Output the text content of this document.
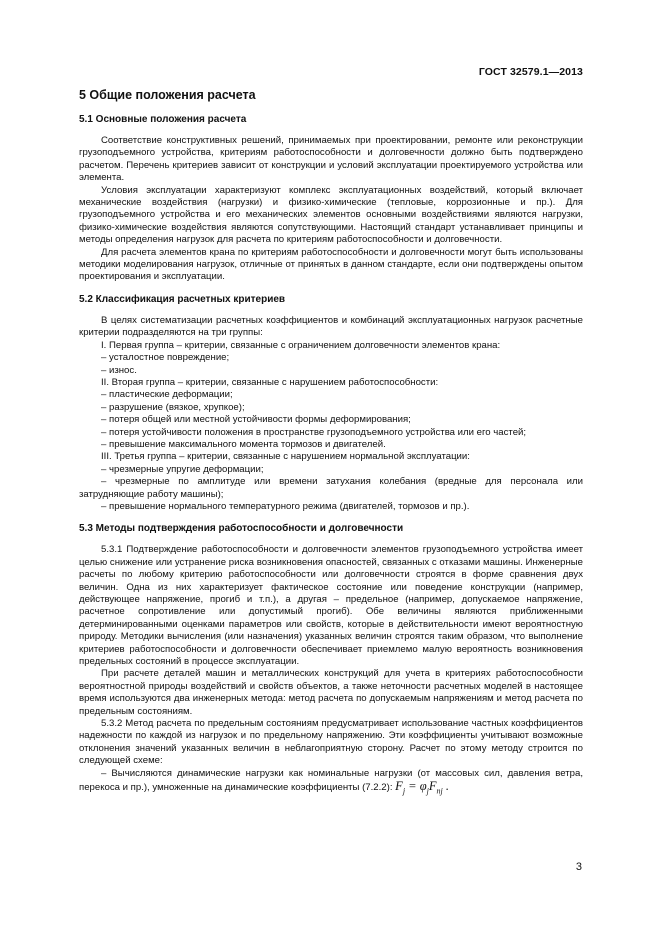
ГОСТ 32579.1—2013
5 Общие положения расчета
5.1 Основные положения расчета

Соответствие конструктивных решений, принимаемых при проектировании, ремонте или реконструкции грузоподъемного устройства, критериям работоспособности и долговечности должно быть подтверждено расчетом. Перечень критериев зависит от конструкции и условий эксплуатации проектируемого устройства или элемента.

Условия эксплуатации характеризуют комплекс эксплуатационных воздействий, который включает механические воздействия (нагрузки) и физико-химические (тепловые, коррозионные и пр.). Для грузоподъемного устройства и его механических элементов основными воздействиями являются нагрузки, физико-химические воздействия являются сопутствующими. Настоящий стандарт устанавливает принципы и методы определения нагрузок для расчета по критериям работоспособности и долговечности.

Для расчета элементов крана по критериям работоспособности и долговечности могут быть использованы методики моделирования нагрузок, отличные от принятых в данном стандарте, если они подтверждены опытом проектирования и эксплуатации.

5.2 Классификация расчетных критериев

В целях систематизации расчетных коэффициентов и комбинаций эксплуатационных нагрузок расчетные критерии подразделяются на три группы:

I. Первая группа – критерии, связанные с ограничением долговечности элементов крана:

– усталостное повреждение;

– износ.

II. Вторая группа – критерии, связанные с нарушением работоспособности:

– пластические деформации;

– разрушение (вязкое, хрупкое);

– потеря общей или местной устойчивости формы деформирования;

– потеря устойчивости положения в пространстве грузоподъемного устройства или его частей;

– превышение максимального момента тормозов и двигателей.

III. Третья группа – критерии, связанные с нарушением нормальной эксплуатации:

– чрезмерные упругие деформации;

– чрезмерные по амплитуде или времени затухания колебания (вредные для персонала или затрудняющие работу машины);

– превышение нормального температурного режима (двигателей, тормозов и пр.).

5.3 Методы подтверждения работоспособности и долговечности

5.3.1 Подтверждение работоспособности и долговечности элементов грузоподъемного устройства имеет целью снижение или устранение риска возникновения опасностей, связанных с отказами машины. Инженерные расчеты по любому критерию работоспособности или долговечности строятся в форме сравнения двух величин. Одна из них характеризует фактическое состояние или поведение конструкции (например, действующее напряжение, прогиб и т.п.), а другая – предельное (например, допускаемое напряжение, расчетное сопротивление или допустимый прогиб). Обе величины являются приближенными детерминированными оценками параметров или свойств, которые в действительности имеют вероятностную природу. Методики вычисления (или назначения) указанных величин строятся таким образом, что выполнение критериев работоспособности и долговечности обеспечивает приемлемо малую вероятность возникновения предельных состояний в процессе эксплуатации.

При расчете деталей машин и металлических конструкций для учета в критериях работоспособности вероятностной природы воздействий и свойств объектов, а также неточности расчетных моделей в настоящее время используются два инженерных метода: метод расчета по допускаемым напряжениям и метод расчета по предельным состояниям.

5.3.2 Метод расчета по предельным состояниям предусматривает использование частных коэффициентов надежности по каждой из нагрузок и по предельному напряжению. Эти коэффициенты учитывают возможные отклонения значений указанных величин в неблагоприятную сторону. Расчет по этому методу строится по следующей схеме:

– Вычисляются динамические нагрузки как номинальные нагрузки (от массовых сил, давления ветра, перекоса и пр.), умноженные на динамические коэффициенты (7.2.2): $F_j = \varphi_jF_{nj}$ .

3
